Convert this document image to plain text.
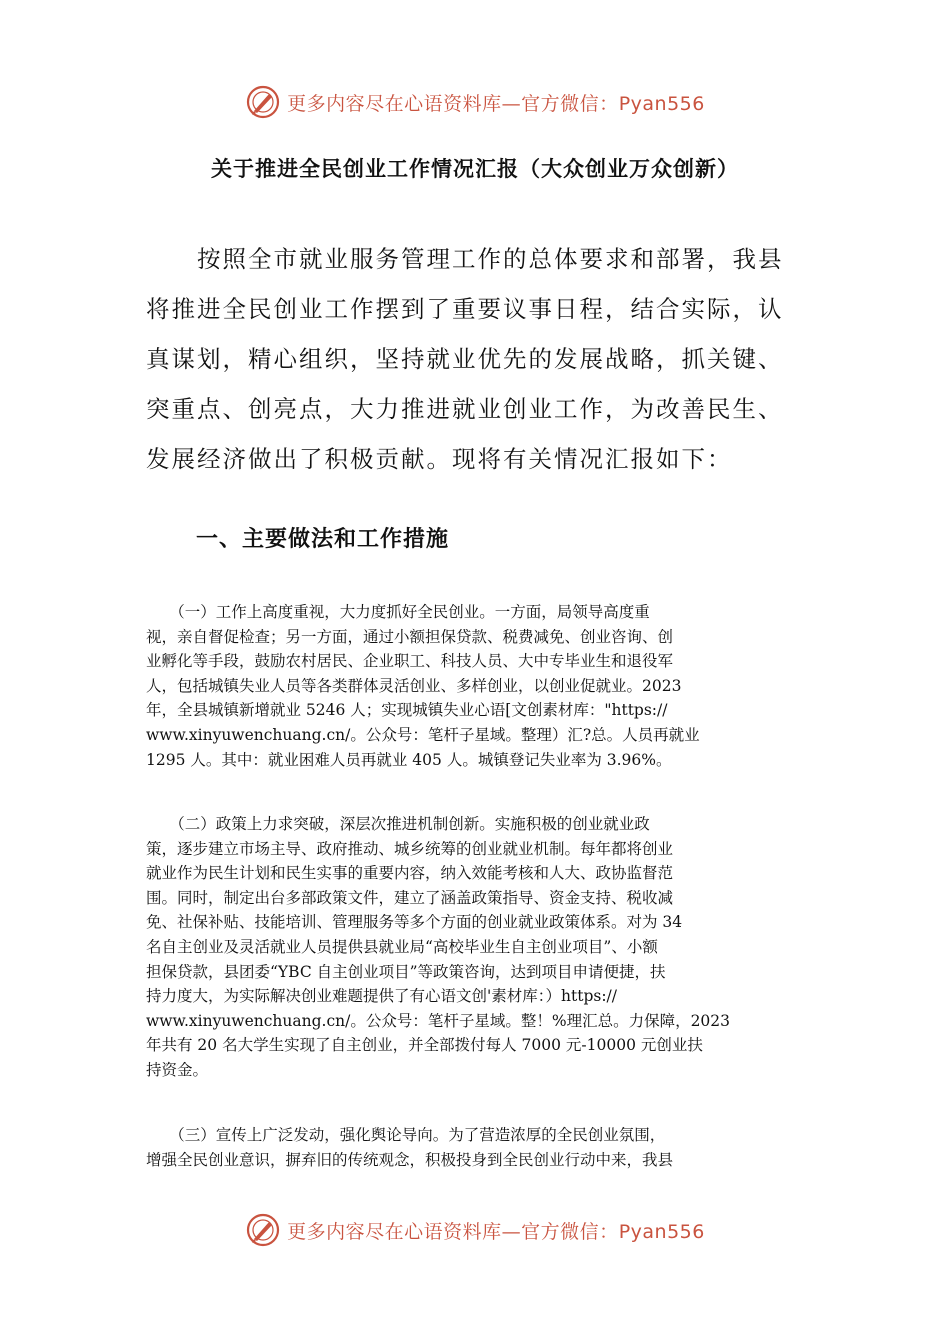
更多内容尽在心语资料库—官方微信：Pyan556
关于推进全民创业工作情况汇报（大众创业万众创新）

　　按照全市就业服务管理工作的总体要求和部署，我县
将推进全民创业工作摆到了重要议事日程，结合实际，认
真谋划，精心组织，坚持就业优先的发展战略，抓关键、
突重点、创亮点，大力推进就业创业工作，为改善民生、
发展经济做出了积极贡献。现将有关情况汇报如下：

一、主要做法和工作措施

　　（一）工作上高度重视，大力度抓好全民创业。一方面，局领导高度重
视，亲自督促检查；另一方面，通过小额担保贷款、税费减免、创业咨询、创
业孵化等手段，鼓励农村居民、企业职工、科技人员、大中专毕业生和退役军
人，包括城镇失业人员等各类群体灵活创业、多样创业，以创业促就业。2023
年，全县城镇新增就业 5246 人；实现城镇失业心语[文创素材库："https://
www.xinyuwenchuang.cn/。公众号：笔杆子星域。整理）汇?总。人员再就业
1295 人。其中：就业困难人员再就业 405 人。城镇登记失业率为 3.96%。

　　（二）政策上力求突破，深层次推进机制创新。实施积极的创业就业政
策，逐步建立市场主导、政府推动、城乡统筹的创业就业机制。每年都将创业
就业作为民生计划和民生实事的重要内容，纳入效能考核和人大、政协监督范
围。同时，制定出台多部政策文件，建立了涵盖政策指导、资金支持、税收减
免、社保补贴、技能培训、管理服务等多个方面的创业就业政策体系。对为 34
名自主创业及灵活就业人员提供县就业局“高校毕业生自主创业项目”、小额
担保贷款，县团委“YBC 自主创业项目”等政策咨询，达到项目申请便捷，扶
持力度大，为实际解决创业难题提供了有心语文创'素材库：）https://
www.xinyuwenchuang.cn/。公众号：笔杆子星域。整！%理汇总。力保障，2023
年共有 20 名大学生实现了自主创业，并全部拨付每人 7000 元-10000 元创业扶
持资金。

　　（三）宣传上广泛发动，强化舆论导向。为了营造浓厚的全民创业氛围，
增强全民创业意识，摒弃旧的传统观念，积极投身到全民创业行动中来，我县

更多内容尽在心语资料库—官方微信：Pyan556
